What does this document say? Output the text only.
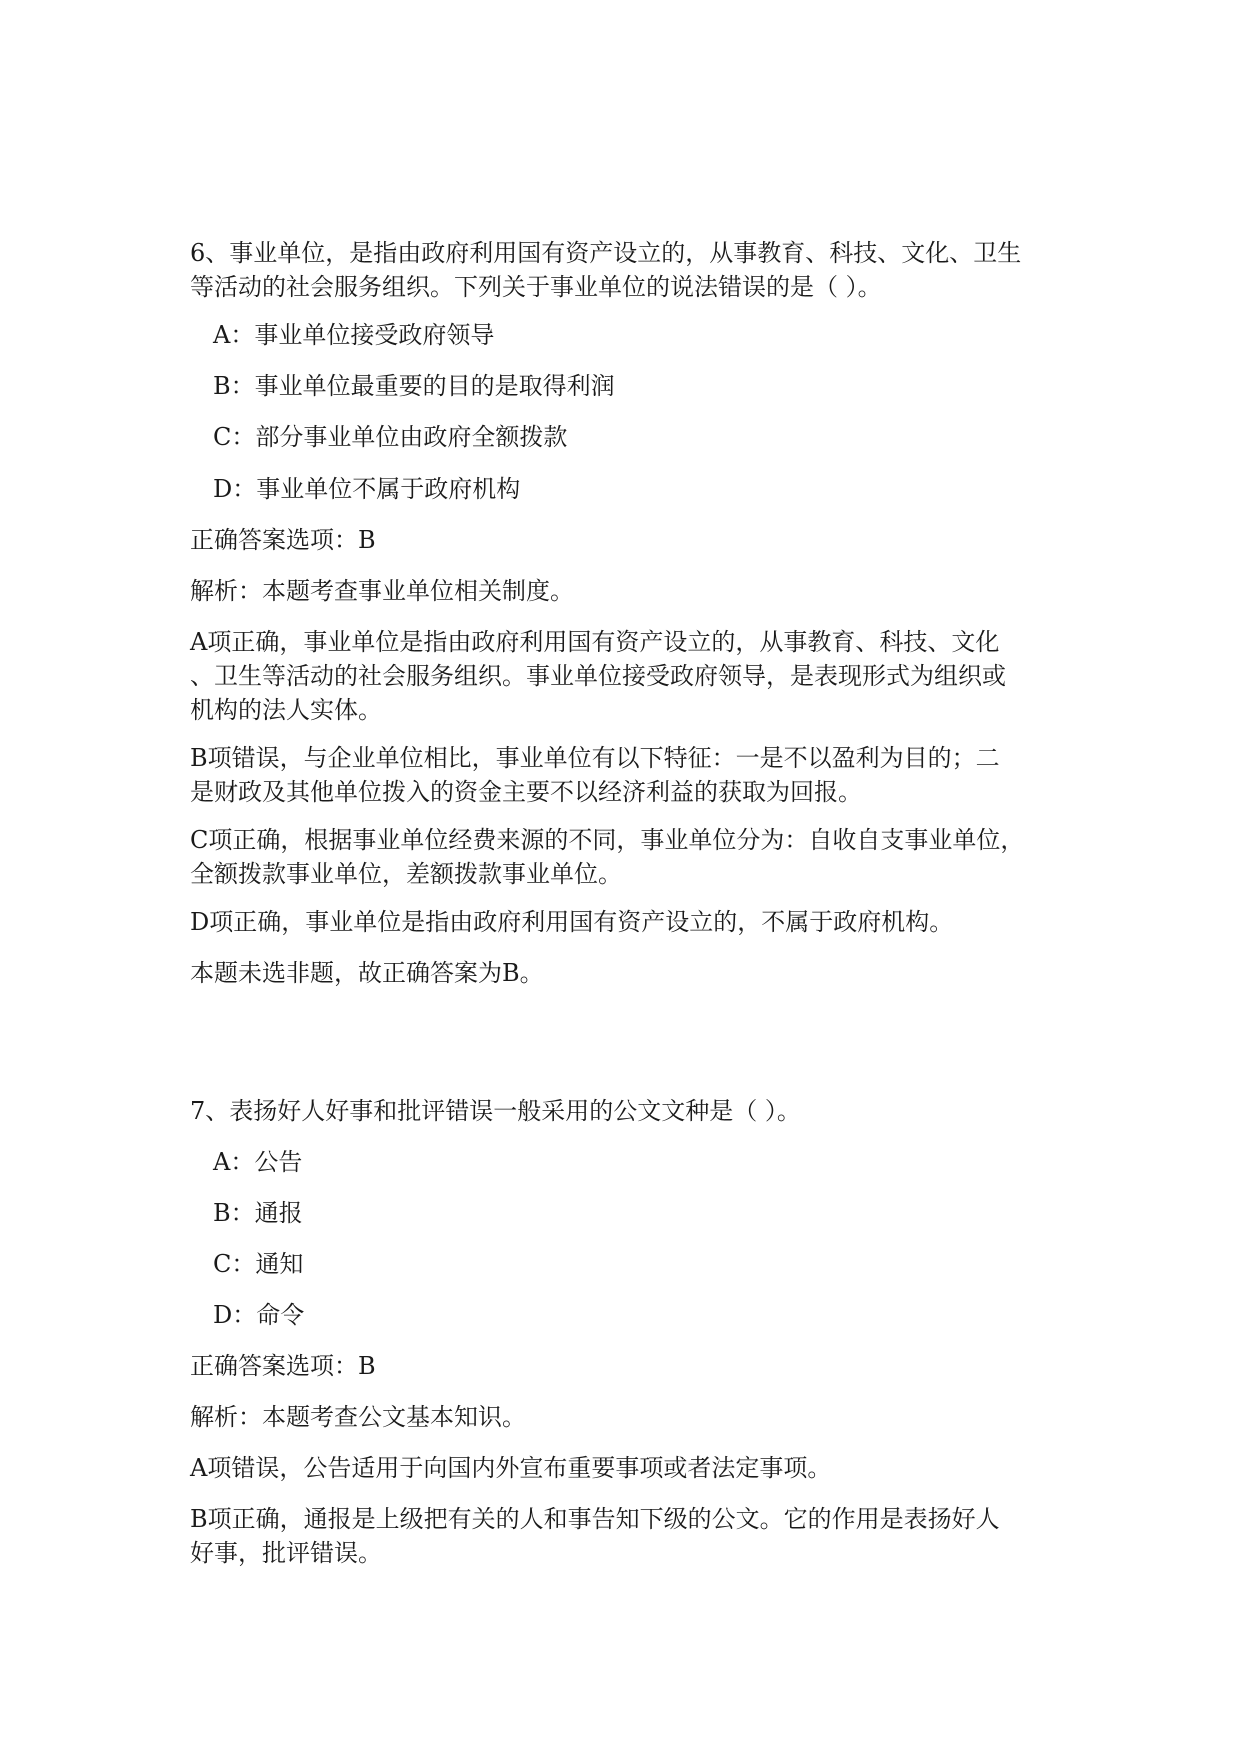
6、事业单位，是指由政府利用国有资产设立的，从事教育、科技、文化、卫生
等活动的社会服务组织。下列关于事业单位的说法错误的是（ ）。
A：事业单位接受政府领导
B：事业单位最重要的目的是取得利润
C：部分事业单位由政府全额拨款
D：事业单位不属于政府机构
正确答案选项：B
解析：本题考查事业单位相关制度。
A项正确，事业单位是指由政府利用国有资产设立的，从事教育、科技、文化
、卫生等活动的社会服务组织。事业单位接受政府领导，是表现形式为组织或
机构的法人实体。
B项错误，与企业单位相比，事业单位有以下特征：一是不以盈利为目的；二
是财政及其他单位拨入的资金主要不以经济利益的获取为回报。
C项正确，根据事业单位经费来源的不同，事业单位分为：自收自支事业单位，
全额拨款事业单位，差额拨款事业单位。
D项正确，事业单位是指由政府利用国有资产设立的，不属于政府机构。
本题未选非题，故正确答案为B。
7、表扬好人好事和批评错误一般采用的公文文种是（ ）。
A：公告
B：通报
C：通知
D：命令
正确答案选项：B
解析：本题考查公文基本知识。
A项错误，公告适用于向国内外宣布重要事项或者法定事项。
B项正确，通报是上级把有关的人和事告知下级的公文。它的作用是表扬好人
好事，批评错误。
